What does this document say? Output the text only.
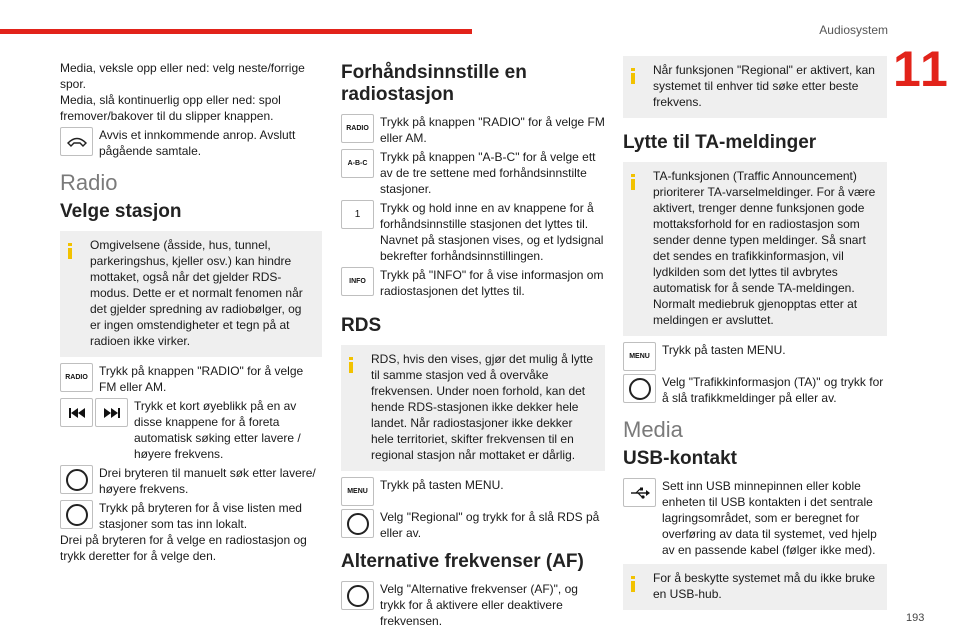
Audiosystem
11
193
Media, veksle opp eller ned: velg neste/forrige spor.
Media, slå kontinuerlig opp eller ned: spol fremover/bakover til du slipper knappen.
Avvis et innkommende anrop. Avslutt pågående samtale.
Radio
Velge stasjon
Omgivelsene (åsside, hus, tunnel, parkeringshus, kjeller osv.) kan hindre mottaket, også når det gjelder RDS-modus. Dette er et normalt fenomen når det gjelder spredning av radiobølger, og er ingen omstendigheter et tegn på at radioen ikke virker.
RADIO Trykk på knappen "RADIO" for å velge FM eller AM.
Trykk et kort øyeblikk på en av disse knappene for å foreta automatisk søking etter lavere / høyere frekvens.
Drei bryteren til manuelt søk etter lavere/ høyere frekvens.
Trykk på bryteren for å vise listen med stasjoner som tas inn lokalt.
Drei på bryteren for å velge en radiostasjon og trykk deretter for å velge den.
Forhåndsinnstille en radiostasjon
RADIO Trykk på knappen "RADIO" for å velge FM eller AM.
A-B-C	Trykk på knappen "A-B-C" for å velge ett av de tre settene med forhåndsinnstilte stasjoner.
1	Trykk og hold inne en av knappene for å forhåndsinnstille stasjonen det lyttes til. Navnet på stasjonen vises, og et lydsignal bekrefter forhåndsinnstillingen.
INFO	Trykk på "INFO" for å vise informasjon om radiostasjonen det lyttes til.
RDS
RDS, hvis den vises, gjør det mulig å lytte til samme stasjon ved å overvåke frekvensen. Under noen forhold, kan det hende RDS-stasjonen ikke dekker hele landet. Når radiostasjoner ikke dekker hele territoriet, skifter frekvensen til en regional stasjon når mottaket er dårlig.
MENU	Trykk på tasten MENU.
Velg "Regional" og trykk for å slå RDS på eller av.
Alternative frekvenser (AF)
Velg "Alternative frekvenser (AF)", og trykk for å aktivere eller deaktivere frekvensen.
Når funksjonen "Regional" er aktivert, kan systemet til enhver tid søke etter beste frekvens.
Lytte til TA-meldinger
TA-funksjonen (Traffic Announcement) prioriterer TA-varselmeldinger. For å være aktivert, trenger denne funksjonen gode mottaksforhold for en radiostasjon som sender denne typen meldinger. Så snart det sendes en trafikkinformasjon, vil lydkilden som det lyttes til avbrytes automatisk for å sende TA-meldingen. Normalt mediebruk gjenopptas etter at meldingen er avsluttet.
MENU	Trykk på tasten MENU.
Velg "Trafikkinformasjon (TA)" og trykk for å slå trafikkmeldinger på eller av.
Media
USB-kontakt
Sett inn USB minnepinnen eller koble enheten til USB kontakten i det sentrale lagringsområdet, som er beregnet for overføring av data til systemet, ved hjelp av en passende kabel (følger ikke med).
For å beskytte systemet må du ikke bruke en USB-hub.
